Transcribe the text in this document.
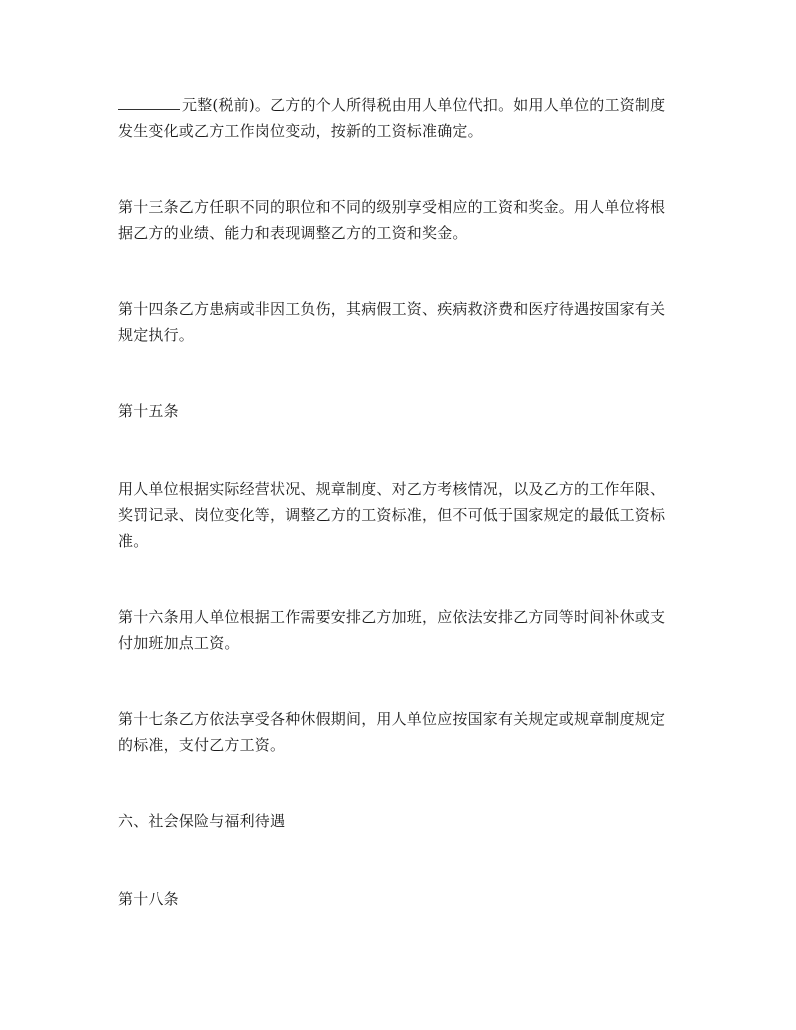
元整(税前)。乙方的个人所得税由用人单位代扣。如用人单位的工资制度
发生变化或乙方工作岗位变动，按新的工资标准确定。

第十三条乙方任职不同的职位和不同的级别享受相应的工资和奖金。用人单位将根
据乙方的业绩、能力和表现调整乙方的工资和奖金。

第十四条乙方患病或非因工负伤，其病假工资、疾病救济费和医疗待遇按国家有关
规定执行。

第十五条

用人单位根据实际经营状况、规章制度、对乙方考核情况，以及乙方的工作年限、
奖罚记录、岗位变化等，调整乙方的工资标准，但不可低于国家规定的最低工资标
准。

第十六条用人单位根据工作需要安排乙方加班，应依法安排乙方同等时间补休或支
付加班加点工资。

第十七条乙方依法享受各种休假期间，用人单位应按国家有关规定或规章制度规定
的标准，支付乙方工资。

六、社会保险与福利待遇

第十八条
